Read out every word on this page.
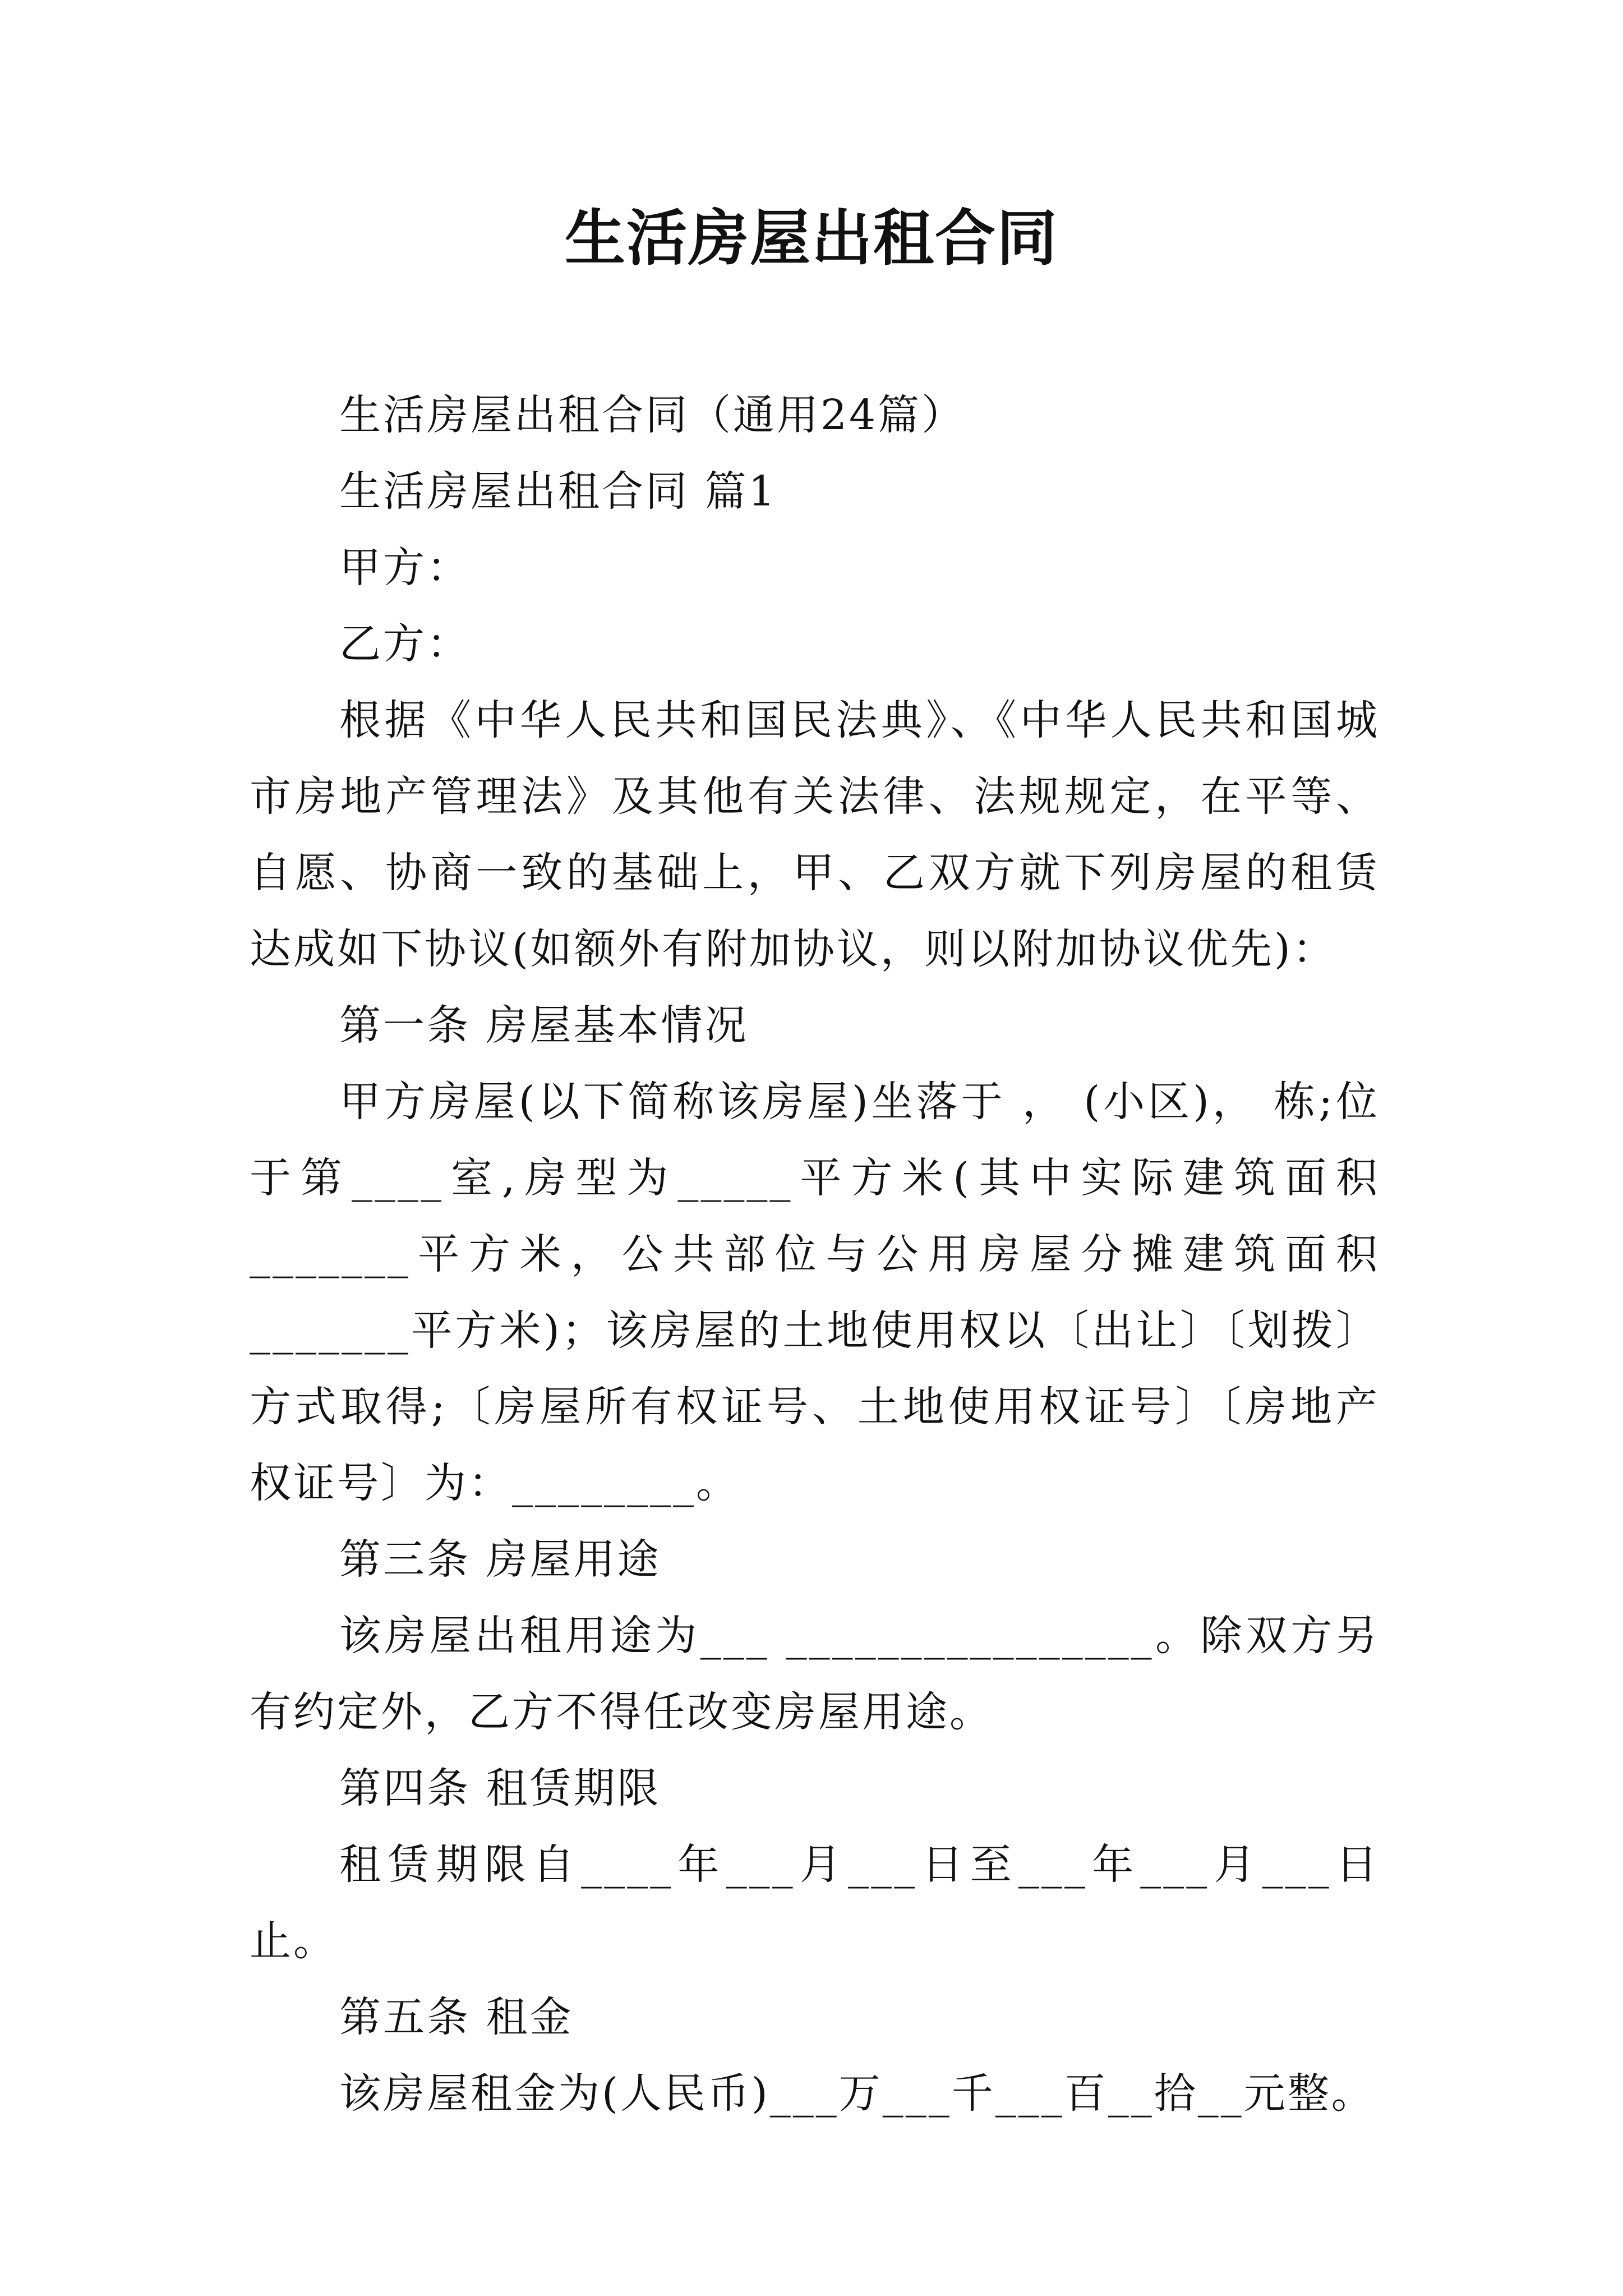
生活房屋出租合同

生活房屋出租合同（通用24篇）

生活房屋出租合同 篇1

甲方：

乙方：

根据《中华人民共和国民法典》、《中华人民共和国城市房地产管理法》及其他有关法律、法规规定，在平等、自愿、协商一致的基础上，甲、乙双方就下列房屋的租赁达成如下协议(如额外有附加协议，则以附加协议优先)：

第一条 房屋基本情况

甲方房屋(以下简称该房屋)坐落于 ， (小区)， 栋;位于第____室,房型为_____平方米(其中实际建筑面积_______平方米，公共部位与公用房屋分摊建筑面积_______平方米)；该房屋的土地使用权以〔出让〕〔划拨〕方式取得;〔房屋所有权证号、土地使用权证号〕〔房地产权证号〕为：________。

第三条 房屋用途

该房屋出租用途为___ ________________。除双方另有约定外，乙方不得任改变房屋用途。

第四条 租赁期限

租赁期限自____年___月___日至___年___月___日止。

第五条 租金

该房屋租金为(人民币)___万___千___百__拾__元整。
